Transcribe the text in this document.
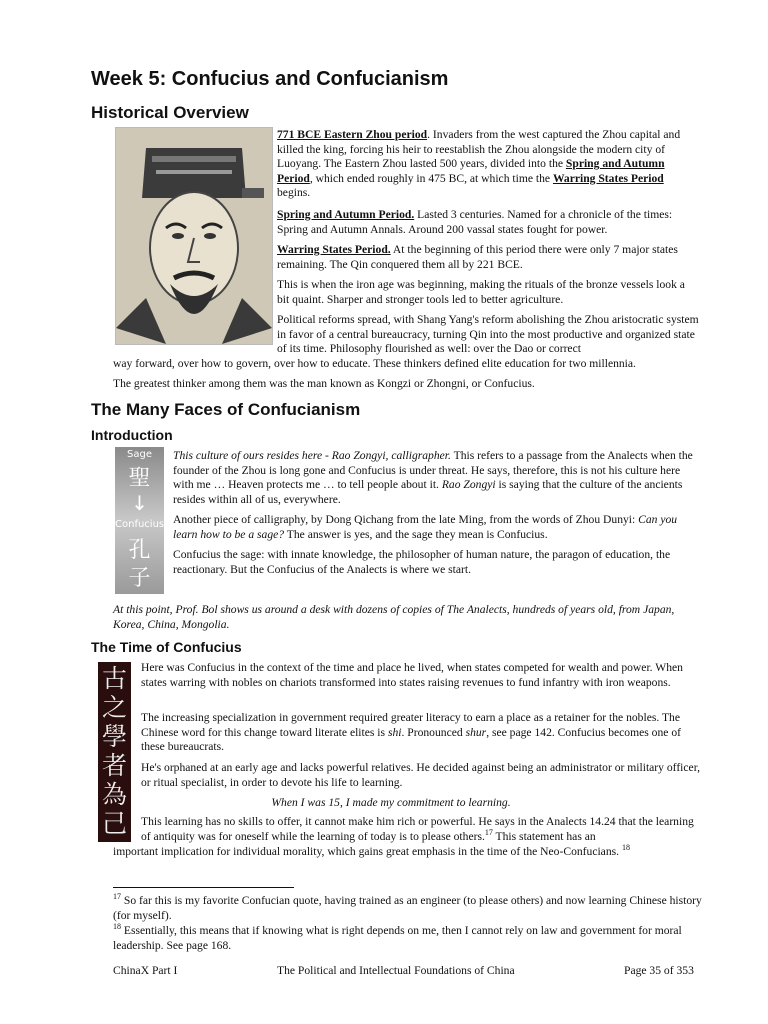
Week 5: Confucius and Confucianism
Historical Overview

771 BCE Eastern Zhou period. Invaders from the west captured the Zhou capital and killed the king, forcing his heir to reestablish the Zhou alongside the modern city of Luoyang. The Eastern Zhou lasted 500 years, divided into the Spring and Autumn Period, which ended roughly in 475 BC, at which time the Warring States Period begins.

Spring and Autumn Period. Lasted 3 centuries. Named for a chronicle of the times: Spring and Autumn Annals. Around 200 vassal states fought for power.

Warring States Period. At the beginning of this period there were only 7 major states remaining. The Qin conquered them all by 221 BCE.

This is when the iron age was beginning, making the rituals of the bronze vessels look a bit quaint. Sharper and stronger tools led to better agriculture.

Political reforms spread, with Shang Yang's reform abolishing the Zhou aristocratic system in favor of a central bureaucracy, turning Qin into the most productive and organized state of its time. Philosophy flourished as well: over the Dao or correct

way forward, over how to govern, over how to educate. These thinkers defined elite education for two millennia.

The greatest thinker among them was the man known as Kongzi or Zhongni, or Confucius.

The Many Faces of Confucianism
Introduction
Sage
聖
↓
Confucius
孔
子

This culture of ours resides here - Rao Zongyi, calligrapher. This refers to a passage from the Analects when the founder of the Zhou is long gone and Confucius is under threat. He says, therefore, this is not his culture here with me … Heaven protects me … to tell people about it. Rao Zongyi is saying that the culture of the ancients resides within all of us, everywhere.

Another piece of calligraphy, by Dong Qichang from the late Ming, from the words of Zhou Dunyi: Can you learn how to be a sage? The answer is yes, and the sage they mean is Confucius.

Confucius the sage: with innate knowledge, the philosopher of human nature, the paragon of education, the reactionary. But the Confucius of the Analects is where we start.

At this point, Prof. Bol shows us around a desk with dozens of copies of The Analects, hundreds of years old, from Japan, Korea, China, Mongolia.

The Time of Confucius
古
之
學
者
為
己

Here was Confucius in the context of the time and place he lived, when states competed for wealth and power. When states warring with nobles on chariots transformed into states raising revenues to fund infantry with iron weapons.

The increasing specialization in government required greater literacy to earn a place as a retainer for the nobles. The Chinese word for this change toward literate elites is shi. Pronounced shur, see page 142. Confucius becomes one of these bureaucrats.

He's orphaned at an early age and lacks powerful relatives. He decided against being an administrator or military officer, or ritual specialist, in order to devote his life to learning.

When I was 15, I made my commitment to learning.

This learning has no skills to offer, it cannot make him rich or powerful. He says in the Analects 14.24 that the learning of antiquity was for oneself while the learning of today is to please others.$^{17}$ This statement has an

important implication for individual morality, which gains great emphasis in the time of the Neo-Confucians. $^{18}$

$^{17}$ So far this is my favorite Confucian quote, having trained as an engineer (to please others) and now learning Chinese history (for myself).

$^{18}$ Essentially, this means that if knowing what is right depends on me, then I cannot rely on law and government for moral leadership. See page 168.

ChinaX Part I	The Political and Intellectual Foundations of China	Page 35 of 353
